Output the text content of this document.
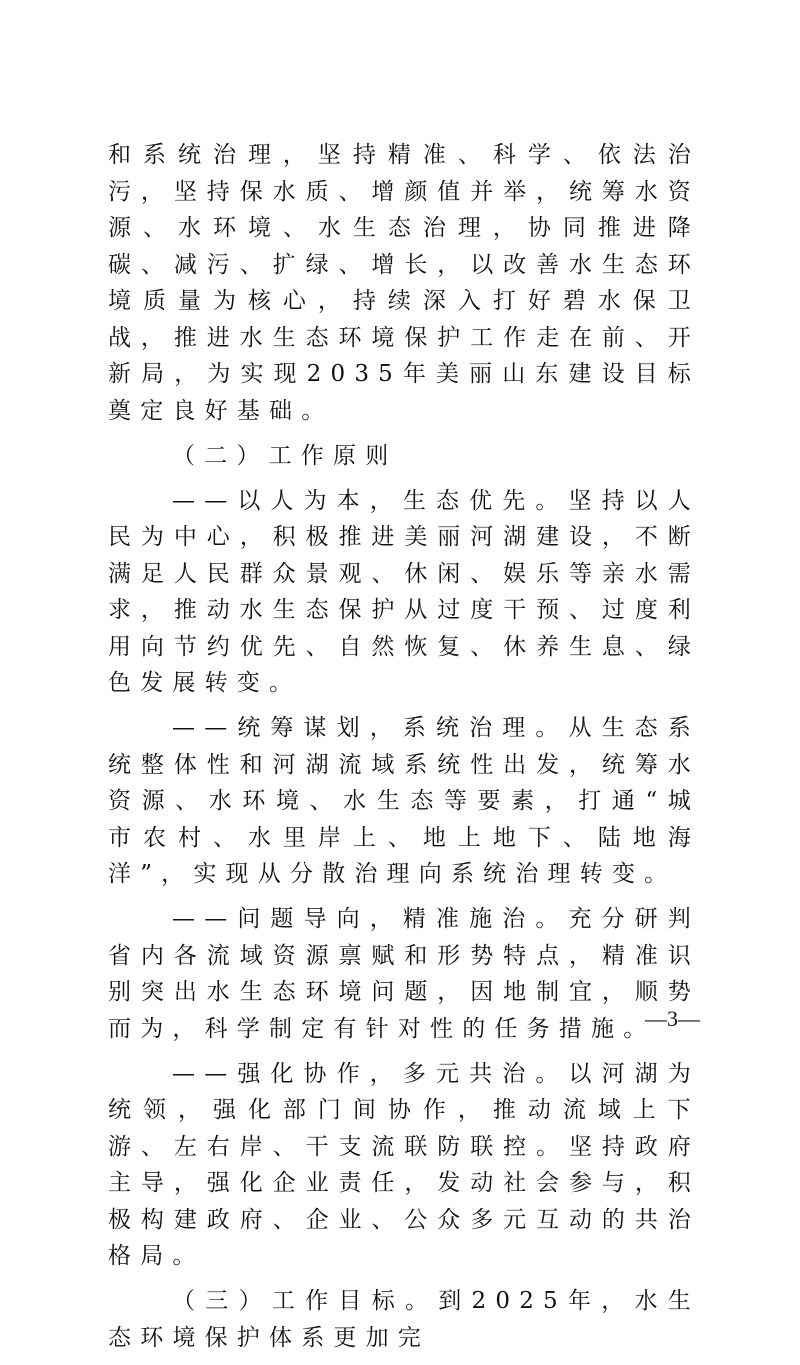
和系统治理，坚持精准、科学、依法治污，坚持保水质、增颜值并举，统筹水资源、水环境、水生态治理，协同推进降碳、减污、扩绿、增长，以改善水生态环境质量为核心，持续深入打好碧水保卫战，推进水生态环境保护工作走在前、开新局，为实现2035年美丽山东建设目标奠定良好基础。

（二）工作原则

——以人为本，生态优先。坚持以人民为中心，积极推进美丽河湖建设，不断满足人民群众景观、休闲、娱乐等亲水需求，推动水生态保护从过度干预、过度利用向节约优先、自然恢复、休养生息、绿色发展转变。

——统筹谋划，系统治理。从生态系统整体性和河湖流域系统性出发，统筹水资源、水环境、水生态等要素，打通“城市农村、水里岸上、地上地下、陆地海洋”，实现从分散治理向系统治理转变。

——问题导向，精准施治。充分研判省内各流域资源禀赋和形势特点，精准识别突出水生态环境问题，因地制宜，顺势而为，科学制定有针对性的任务措施。

——强化协作，多元共治。以河湖为统领，强化部门间协作，推动流域上下游、左右岸、干支流联防联控。坚持政府主导，强化企业责任，发动社会参与，积极构建政府、企业、公众多元互动的共治格局。

（三）工作目标。到2025年，水生态环境保护体系更加完

—3—
